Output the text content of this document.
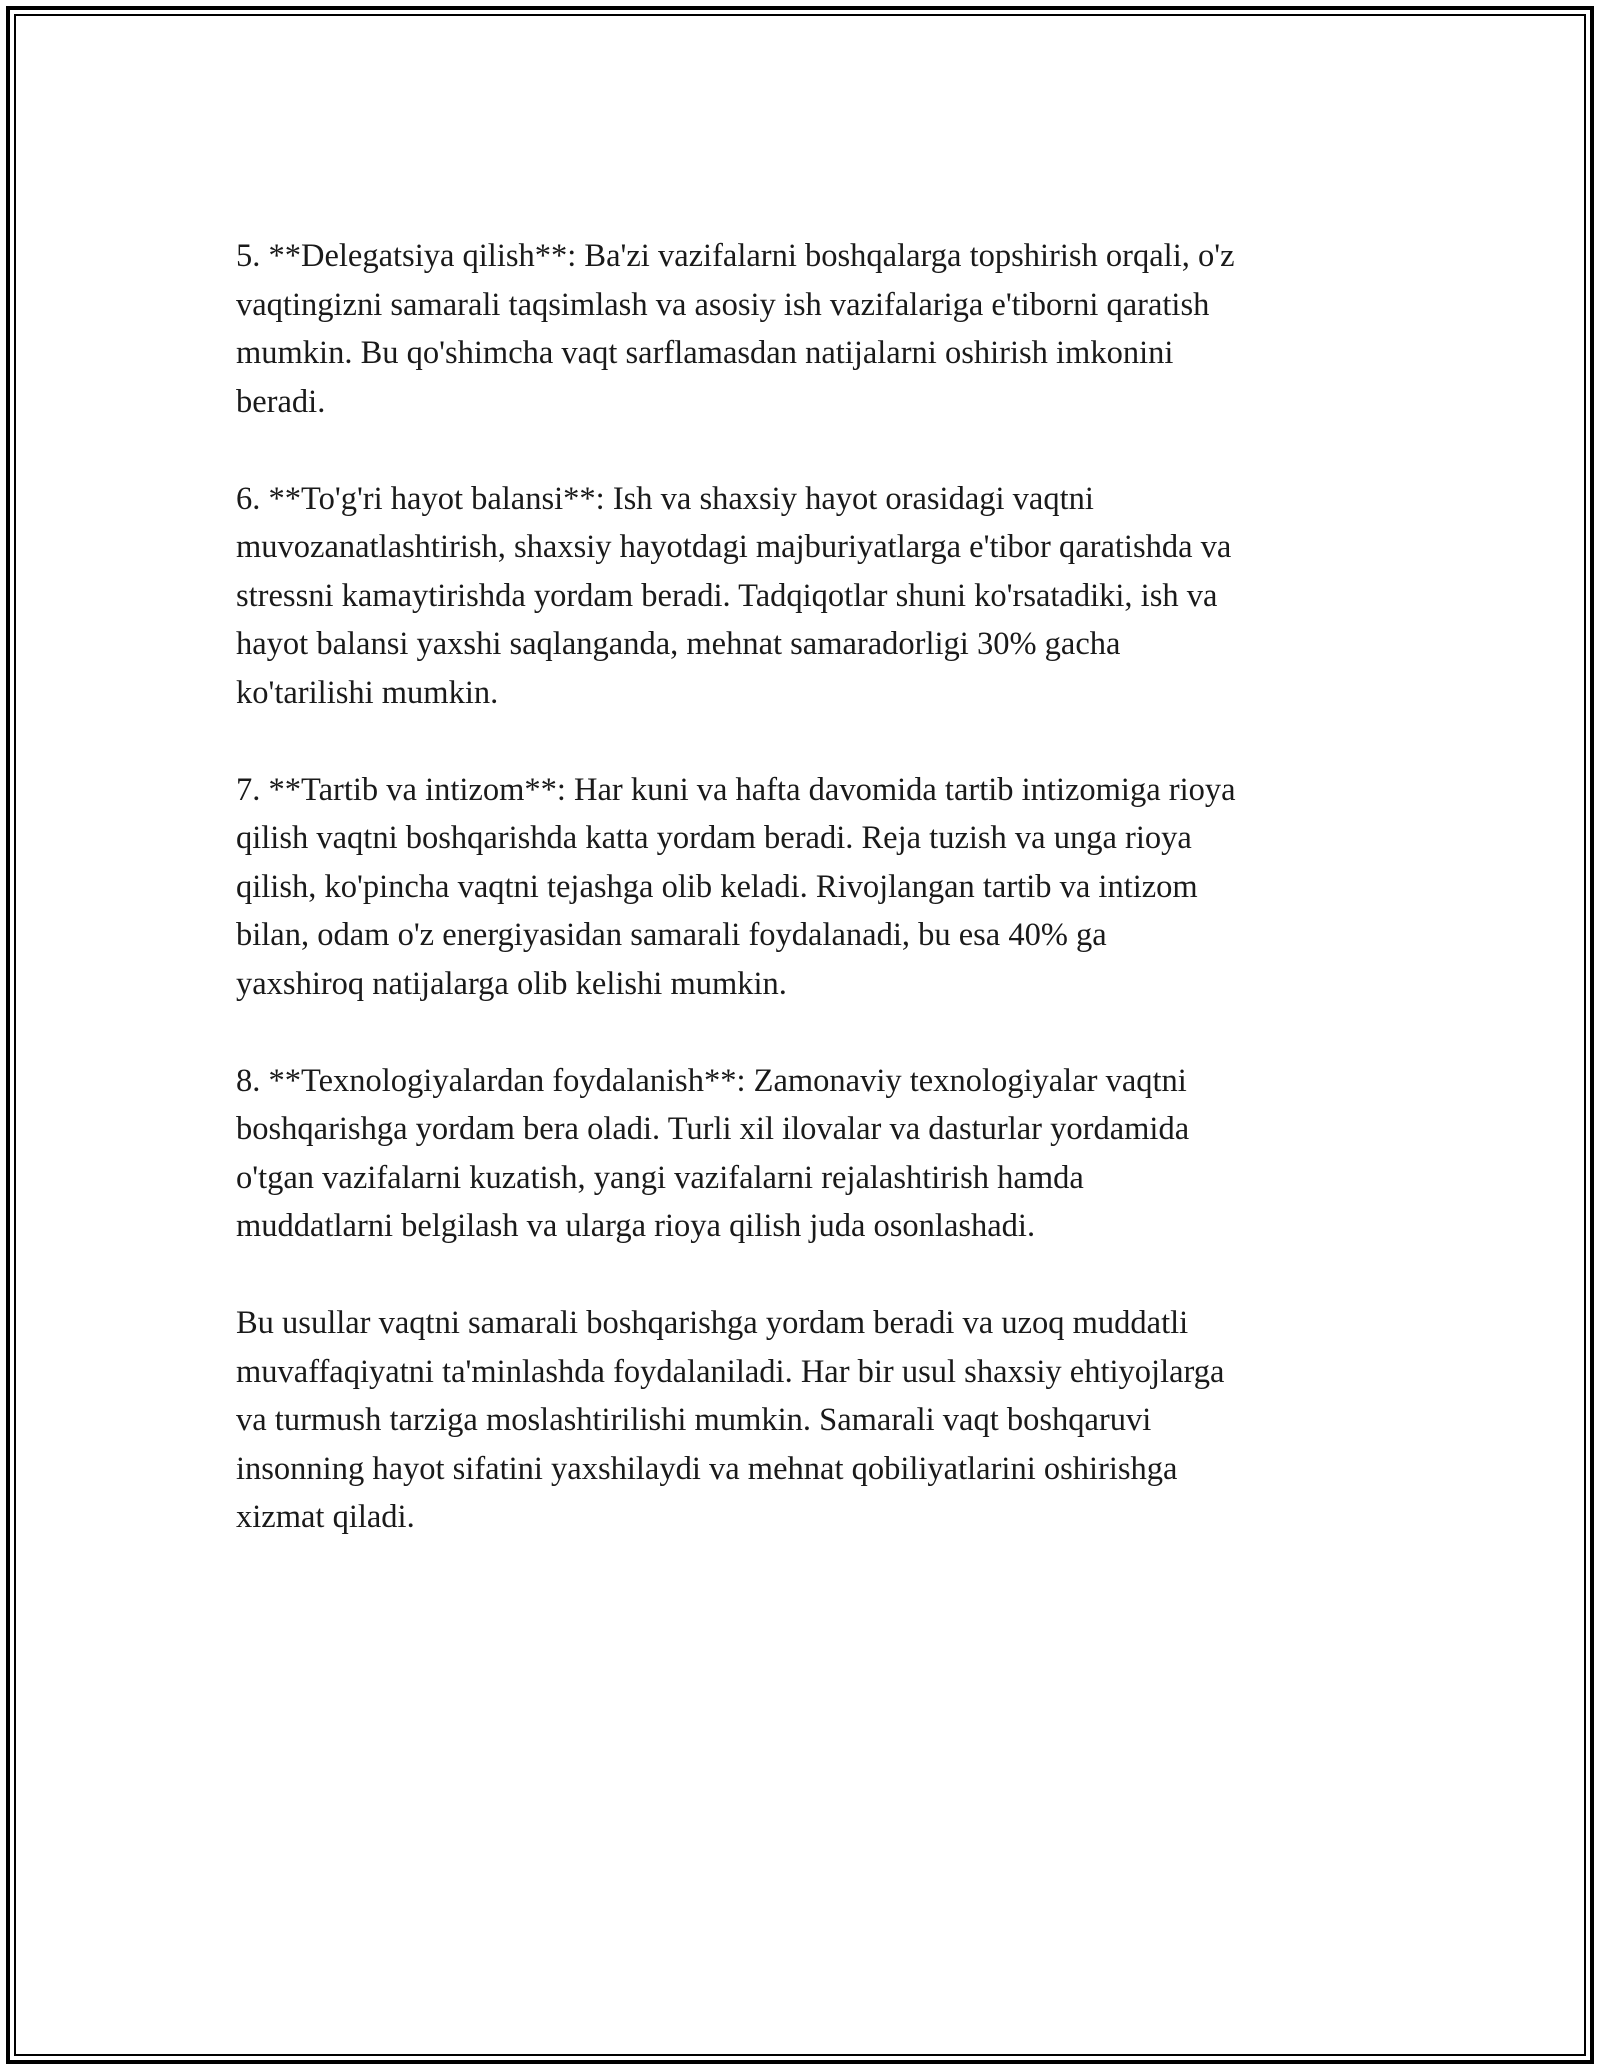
5. **Delegatsiya qilish**: Ba'zi vazifalarni boshqalarga topshirish orqali, o'z
vaqtingizni samarali taqsimlash va asosiy ish vazifalariga e'tiborni qaratish
mumkin. Bu qo'shimcha vaqt sarflamasdan natijalarni oshirish imkonini
beradi.

6. **To'g'ri hayot balansi**: Ish va shaxsiy hayot orasidagi vaqtni
muvozanatlashtirish, shaxsiy hayotdagi majburiyatlarga e'tibor qaratishda va
stressni kamaytirishda yordam beradi. Tadqiqotlar shuni ko'rsatadiki, ish va
hayot balansi yaxshi saqlanganda, mehnat samaradorligi 30% gacha
ko'tarilishi mumkin.

7. **Tartib va intizom**: Har kuni va hafta davomida tartib intizomiga rioya
qilish vaqtni boshqarishda katta yordam beradi. Reja tuzish va unga rioya
qilish, ko'pincha vaqtni tejashga olib keladi. Rivojlangan tartib va intizom
bilan, odam o'z energiyasidan samarali foydalanadi, bu esa 40% ga
yaxshiroq natijalarga olib kelishi mumkin.

8. **Texnologiyalardan foydalanish**: Zamonaviy texnologiyalar vaqtni
boshqarishga yordam bera oladi. Turli xil ilovalar va dasturlar yordamida
o'tgan vazifalarni kuzatish, yangi vazifalarni rejalashtirish hamda
muddatlarni belgilash va ularga rioya qilish juda osonlashadi.

Bu usullar vaqtni samarali boshqarishga yordam beradi va uzoq muddatli
muvaffaqiyatni ta'minlashda foydalaniladi. Har bir usul shaxsiy ehtiyojlarga
va turmush tarziga moslashtirilishi mumkin. Samarali vaqt boshqaruvi
insonning hayot sifatini yaxshilaydi va mehnat qobiliyatlarini oshirishga
xizmat qiladi.
